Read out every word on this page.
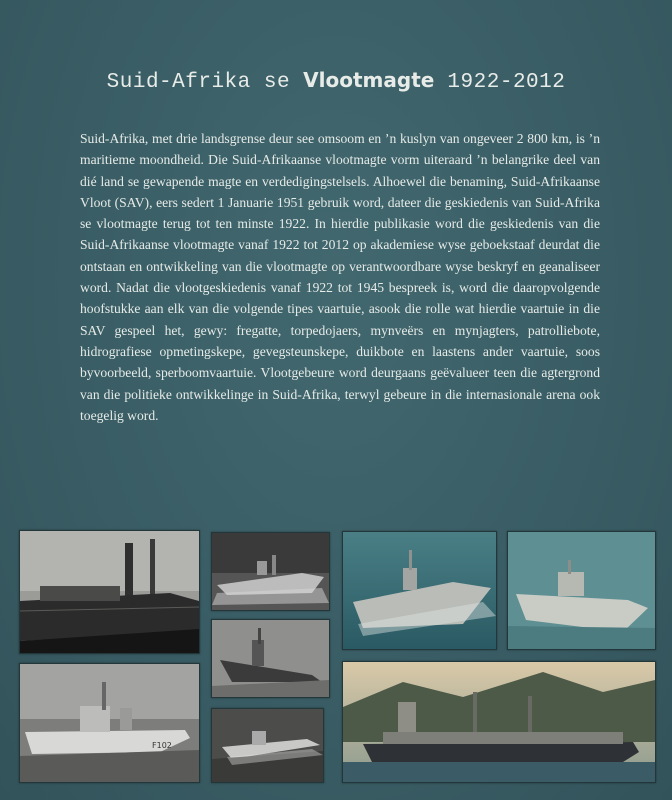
Suid-Afrika se Vlootmagte 1922-2012

Suid-Afrika, met drie landsgrense deur see omsoom en ’n kuslyn van ongeveer 2 800 km, is ’n maritieme moondheid. Die Suid-Afrikaanse vlootmagte vorm uiteraard ’n belangrike deel van dié land se gewapende magte en verdedigingstelsels. Alhoewel die benaming, Suid-Afrikaanse Vloot (SAV), eers sedert 1 Januarie 1951 gebruik word, dateer die geskiedenis van Suid-Afrika se vlootmagte terug tot ten minste 1922. In hierdie publikasie word die geskiedenis van die Suid-Afrikaanse vlootmagte vanaf 1922 tot 2012 op akademiese wyse geboekstaaf deurdat die ontstaan en ontwikkeling van die vlootmagte op verantwoordbare wyse beskryf en geanaliseer word. Nadat die vlootgeskiedenis vanaf 1922 tot 1945 bespreek is, word die daaropvolgende hoofstukke aan elk van die volgende tipes vaartuie, asook die rolle wat hierdie vaartuie in die SAV gespeel het, gewy: fregatte, torpedojaers, mynveërs en mynjagters, patrolliebote, hidrografiese opmetingskepe, gevegsteunskepe, duikbote en laastens ander vaartuie, soos byvoorbeeld, sperboomvaartuie. Vlootgebeure word deurgaans geëvalueer teen die agtergrond van die politieke ontwikkelinge in Suid-Afrika, terwyl gebeure in die internasionale arena ook toegelig word.

F102
